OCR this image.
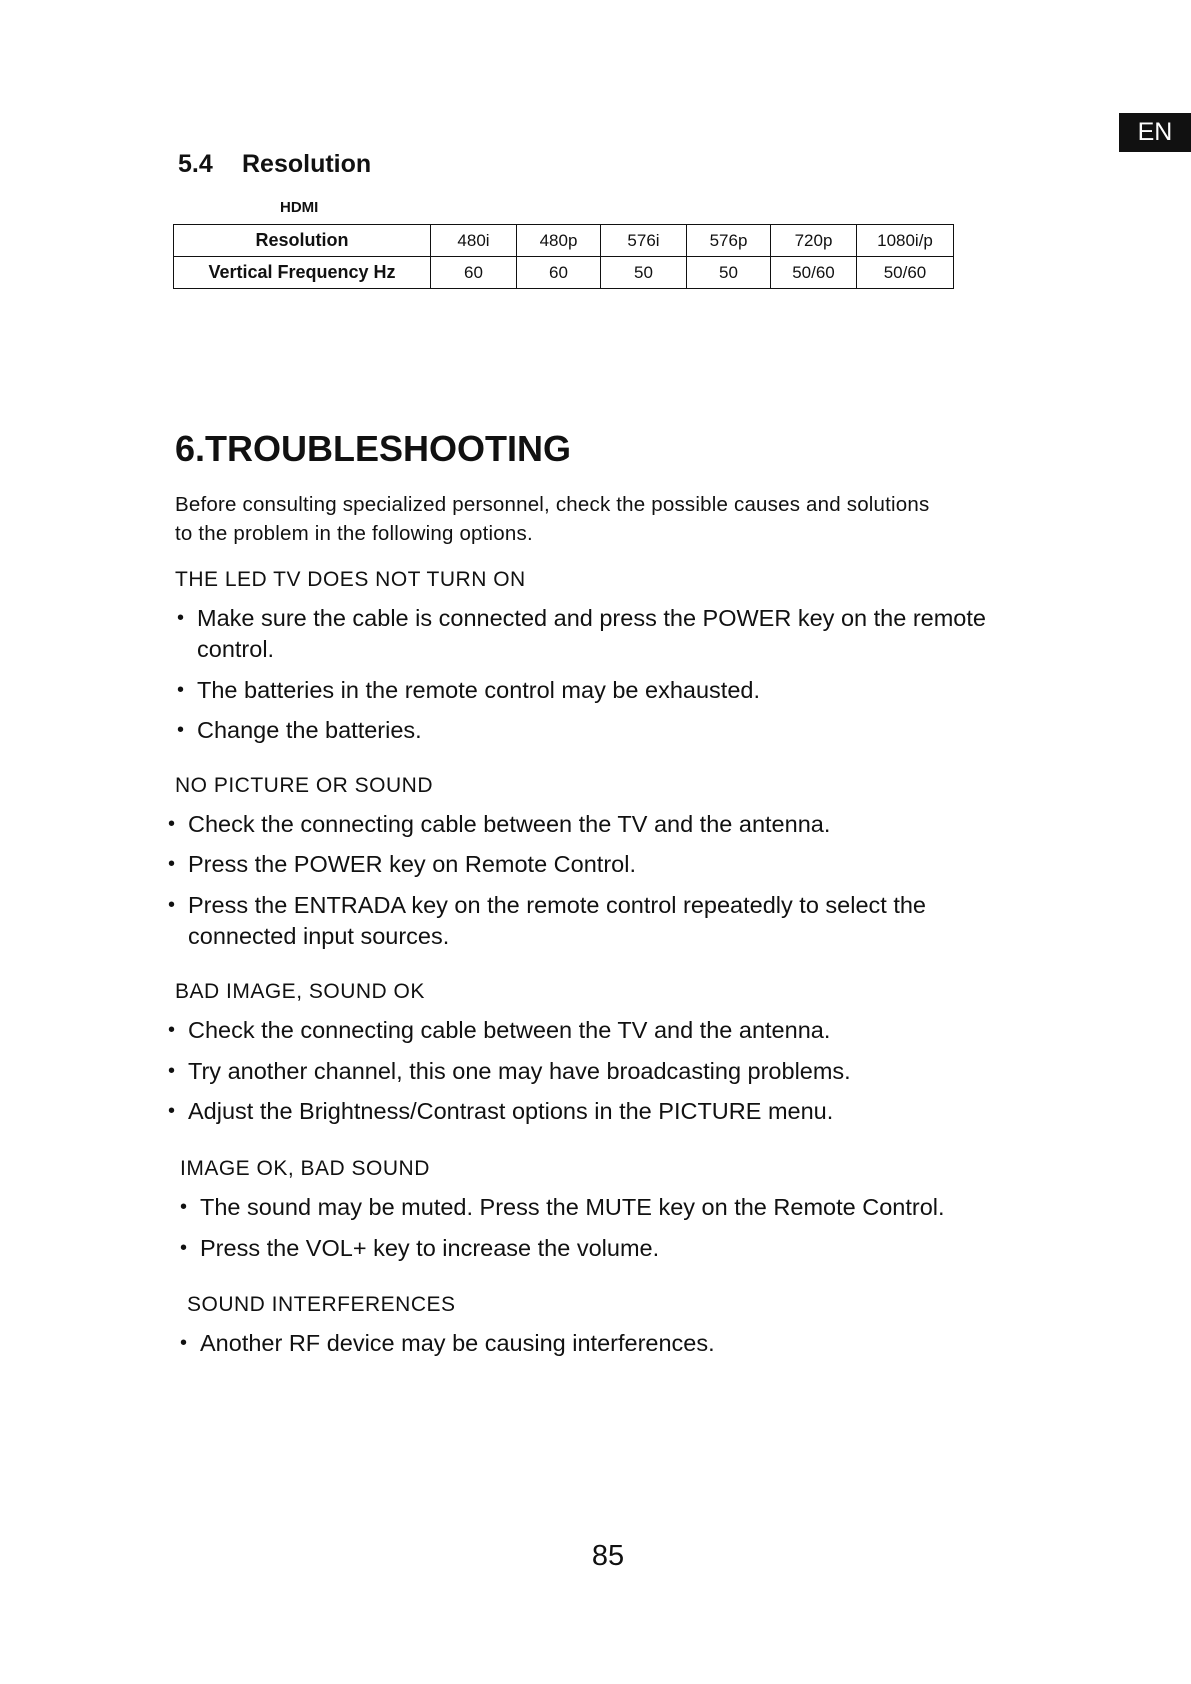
EN
5.4 Resolution
HDMI
Resolution	480i	480p	576i	576p	720p	1080i/p
Vertical Frequency Hz	60	60	50	50	50/60	50/60
6.TROUBLESHOOTING
Before consulting specialized personnel, check the possible causes and solutions
to the problem in the following options.
THE LED TV DOES NOT TURN ON
• Make sure the cable is connected and press the POWER key on the remote
control.
• The batteries in the remote control may be exhausted.
• Change the batteries.
NO PICTURE OR SOUND
• Check the connecting cable between the TV and the antenna.
• Press the POWER key on Remote Control.
• Press the ENTRADA key on the remote control repeatedly to select the
connected input sources.
BAD IMAGE, SOUND OK
• Check the connecting cable between the TV and the antenna.
• Try another channel, this one may have broadcasting problems.
• Adjust the Brightness/Contrast options in the PICTURE menu.
IMAGE OK, BAD SOUND
• The sound may be muted. Press the MUTE key on the Remote Control.
• Press the VOL+ key to increase the volume.
SOUND INTERFERENCES
• Another RF device may be causing interferences.
85
